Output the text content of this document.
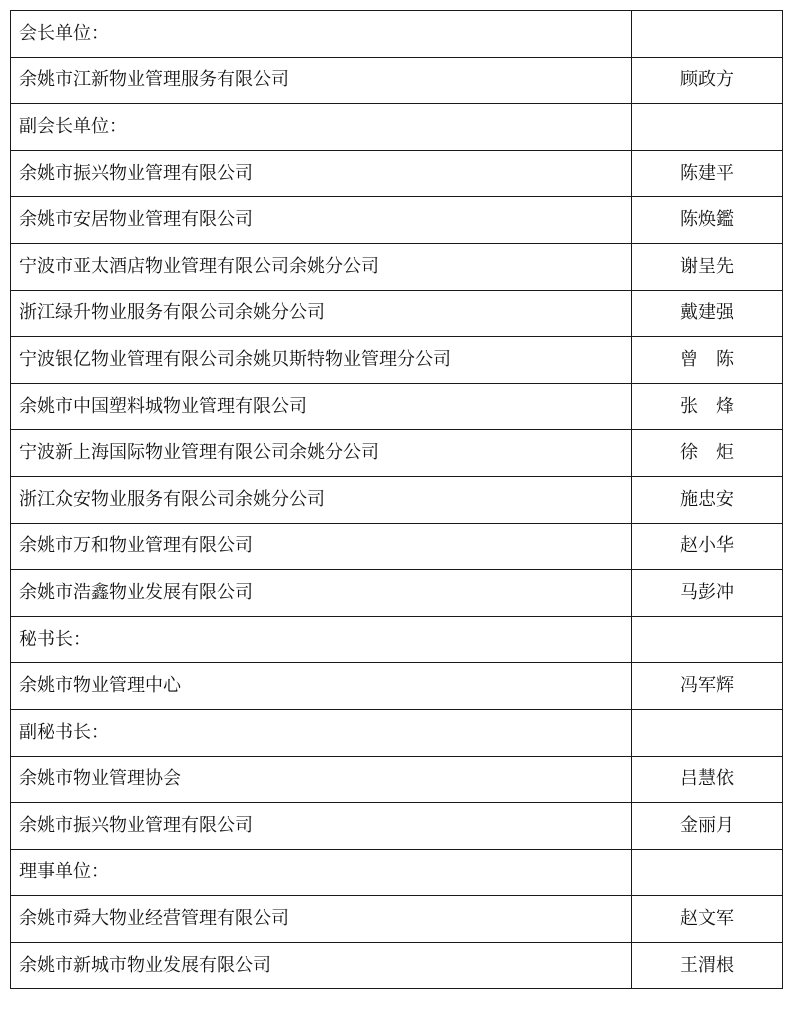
会长单位：	
余姚市江新物业管理服务有限公司	顾政方
副会长单位：	
余姚市振兴物业管理有限公司	陈建平
余姚市安居物业管理有限公司	陈焕鑑
宁波市亚太酒店物业管理有限公司余姚分公司	谢呈先
浙江绿升物业服务有限公司余姚分公司	戴建强
宁波银亿物业管理有限公司余姚贝斯特物业管理分公司	曾　陈
余姚市中国塑料城物业管理有限公司	张　烽
宁波新上海国际物业管理有限公司余姚分公司	徐　炬
浙江众安物业服务有限公司余姚分公司	施忠安
余姚市万和物业管理有限公司	赵小华
余姚市浩鑫物业发展有限公司	马彭冲
秘书长：	
余姚市物业管理中心	冯军辉
副秘书长：	
余姚市物业管理协会	吕慧依
余姚市振兴物业管理有限公司	金丽月
理事单位：	
余姚市舜大物业经营管理有限公司	赵文军
余姚市新城市物业发展有限公司	王渭根
